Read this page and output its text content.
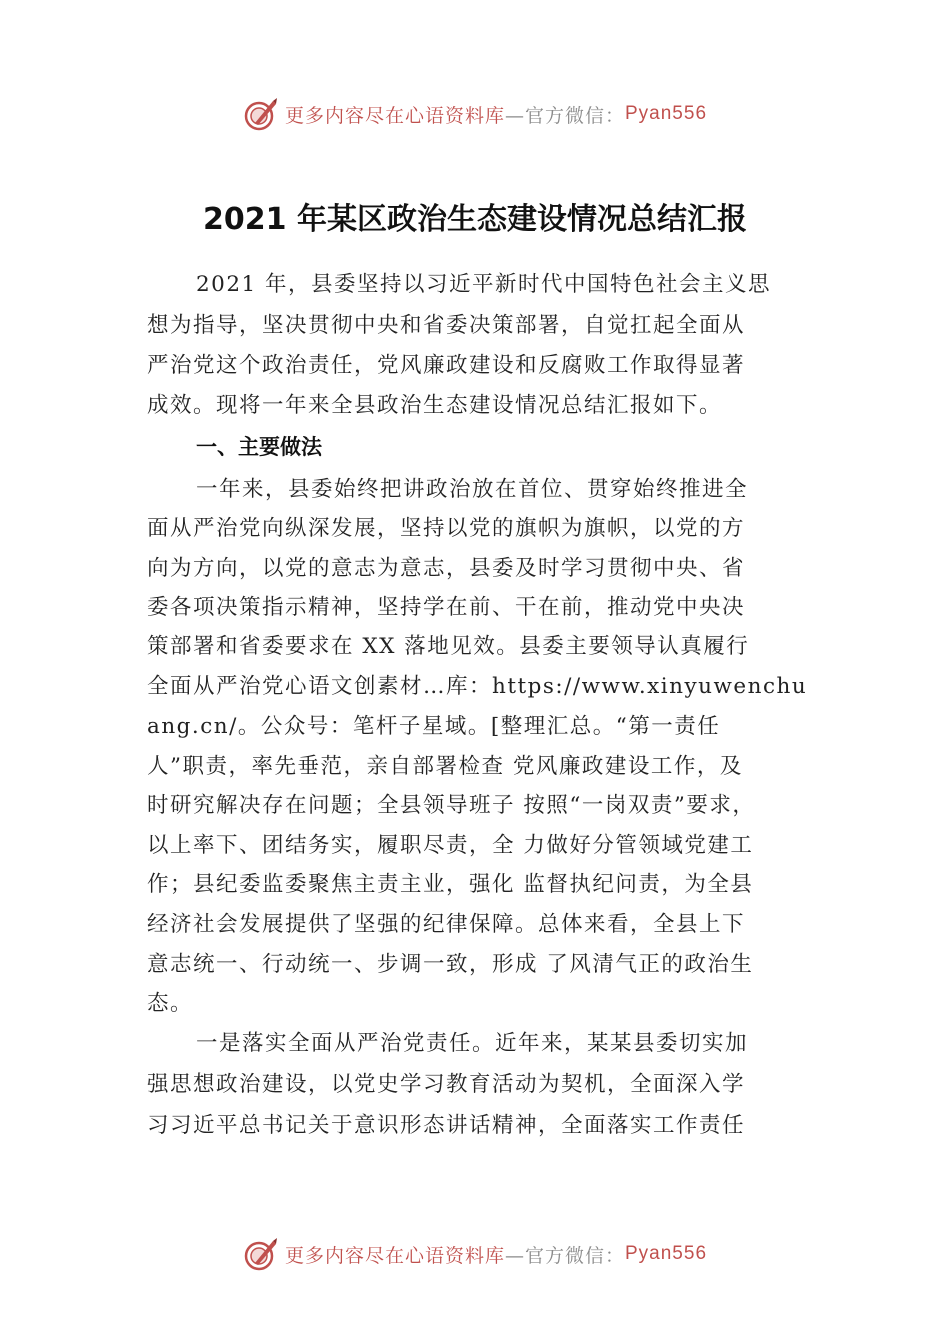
更多内容尽在心语资料库 —官方微信： Pyan556
2021 年某区政治生态建设情况总结汇报
2021 年，县委坚持以习近平新时代中国特色社会主义思
想为指导，坚决贯彻中央和省委决策部署，自觉扛起全面从
严治党这个政治责任，党风廉政建设和反腐败工作取得显著
成效。现将一年来全县政治生态建设情况总结汇报如下。
一、主要做法
一年来，县委始终把讲政治放在首位、贯穿始终推进全
面从严治党向纵深发展，坚持以党的旗帜为旗帜，以党的方
向为方向，以党的意志为意志，县委及时学习贯彻中央、省
委各项决策指示精神，坚持学在前、干在前，推动党中央决
策部署和省委要求在 XX 落地见效。县委主要领导认真履行
全面从严治党心语文创素材…库：https://www.xinyuwenchu
ang.cn/。公众号：笔杆子星域。[整理汇总。“第一责任
人”职责，率先垂范，亲自部署检查 党风廉政建设工作，及
时研究解决存在问题；全县领导班子 按照“一岗双责”要求，
以上率下、团结务实，履职尽责，全 力做好分管领域党建工
作；县纪委监委聚焦主责主业，强化 监督执纪问责，为全县
经济社会发展提供了坚强的纪律保障。总体来看，全县上下
意志统一、行动统一、步调一致，形成 了风清气正的政治生
态。
一是落实全面从严治党责任。近年来，某某县委切实加
强思想政治建设，以党史学习教育活动为契机，全面深入学
习习近平总书记关于意识形态讲话精神，全面落实工作责任
更多内容尽在心语资料库 —官方微信： Pyan556
